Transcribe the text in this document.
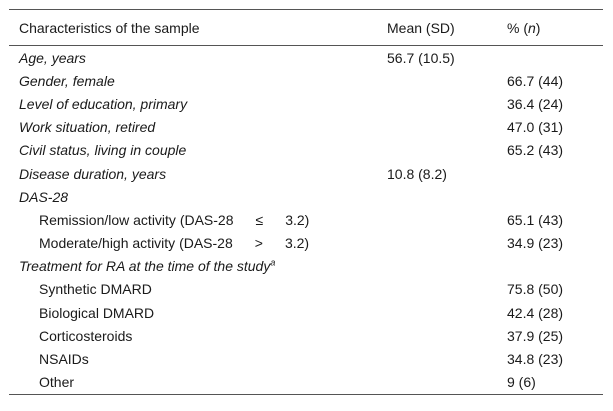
Characteristics of the sample	Mean (SD)	% (n)
Age, years	56.7 (10.5)	
Gender, female		66.7 (44)
Level of education, primary		36.4 (24)
Work situation, retired		47.0 (31)
Civil status, living in couple		65.2 (43)
Disease duration, years	10.8 (8.2)	
DAS-28		
Remission/low activity (DAS-28 ≤ 3.2)		65.1 (43)
Moderate/high activity (DAS-28 > 3.2)		34.9 (23)
Treatment for RA at the time of the study$^a$		
Synthetic DMARD		75.8 (50)
Biological DMARD		42.4 (28)
Corticosteroids		37.9 (25)
NSAIDs		34.8 (23)
Other		9 (6)
